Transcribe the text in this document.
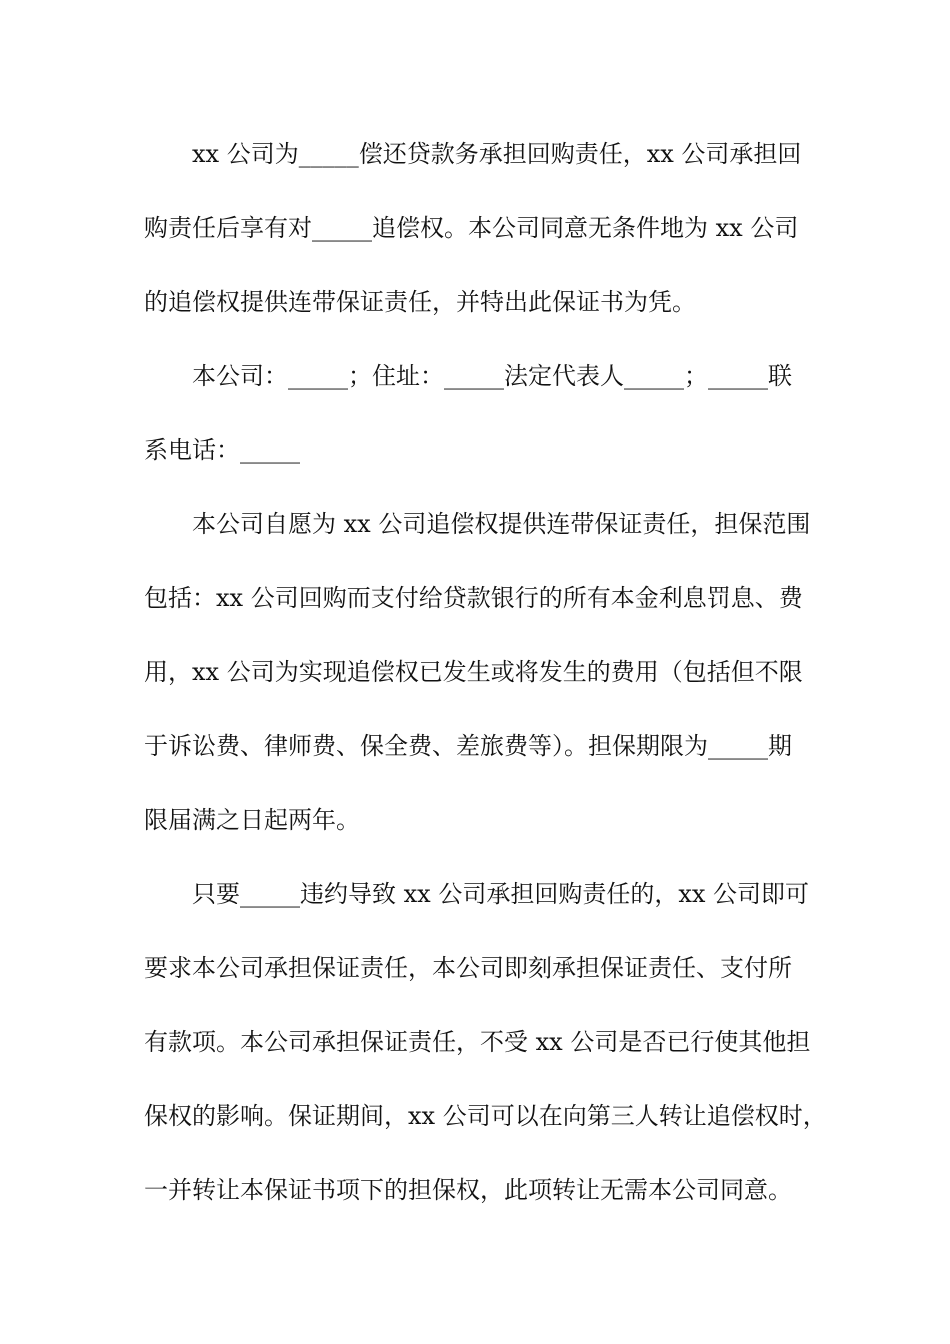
xx 公司为_____偿还贷款务承担回购责任，xx 公司承担回
购责任后享有对_____追偿权。本公司同意无条件地为 xx 公司
的追偿权提供连带保证责任，并特出此保证书为凭。
本公司：_____；住址：_____法定代表人_____；_____联
系电话：_____
本公司自愿为 xx 公司追偿权提供连带保证责任，担保范围
包括：xx 公司回购而支付给贷款银行的所有本金利息罚息、费
用，xx 公司为实现追偿权已发生或将发生的费用（包括但不限
于诉讼费、律师费、保全费、差旅费等）。担保期限为_____期
限届满之日起两年。
只要_____违约导致 xx 公司承担回购责任的，xx 公司即可
要求本公司承担保证责任，本公司即刻承担保证责任、支付所
有款项。本公司承担保证责任，不受 xx 公司是否已行使其他担
保权的影响。保证期间，xx 公司可以在向第三人转让追偿权时，
一并转让本保证书项下的担保权，此项转让无需本公司同意。
